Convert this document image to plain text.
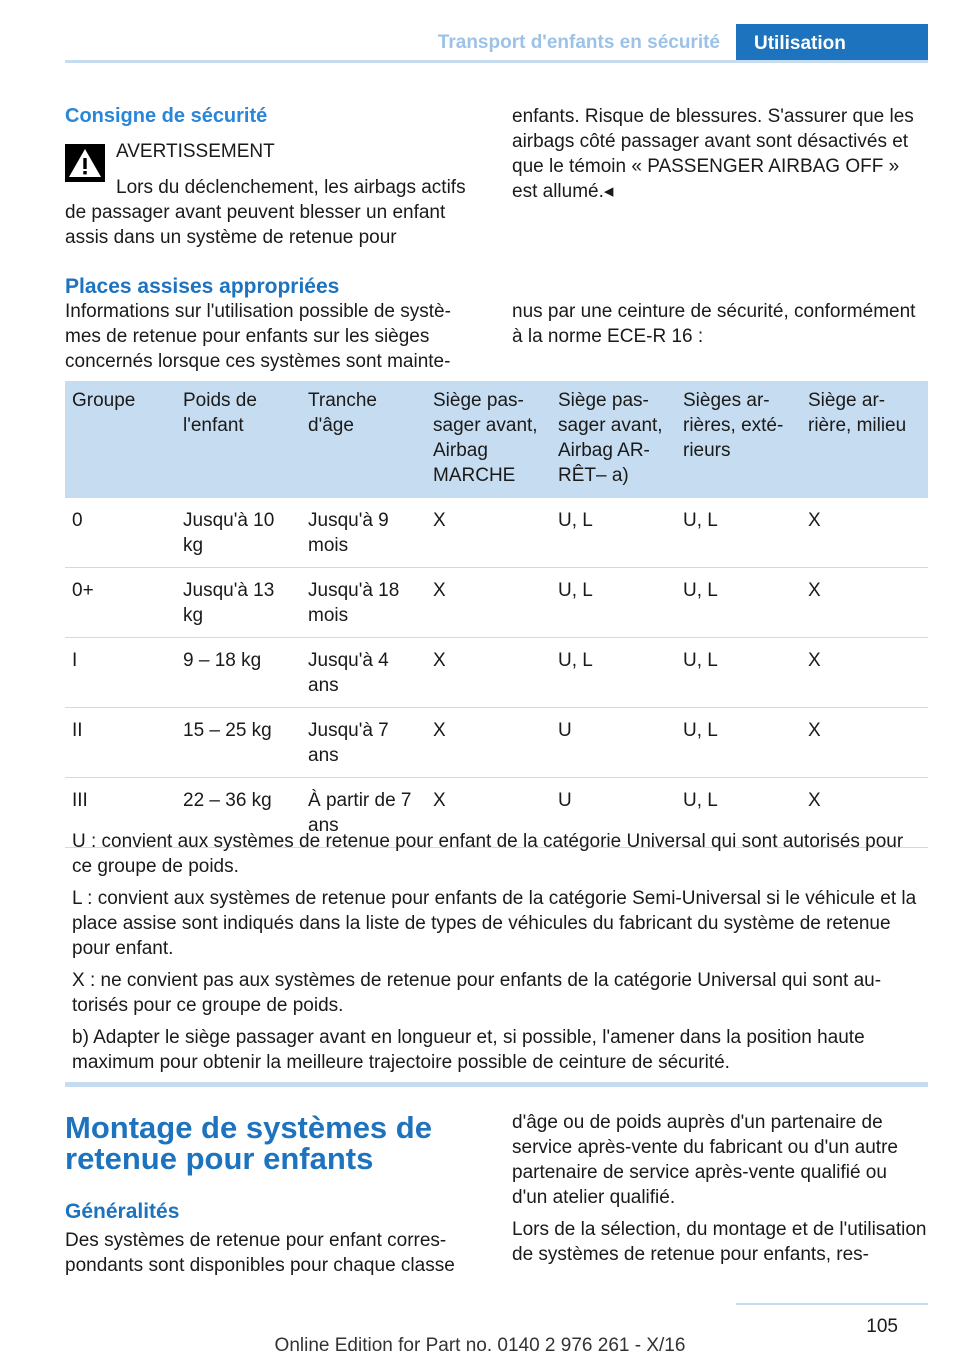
Transport d'enfants en sécurité	Utilisation
Consigne de sécurité
AVERTISSEMENT
Lors du déclenchement, les airbags actifs de passager avant peuvent blesser un enfant assis dans un système de retenue pour
enfants. Risque de blessures. S'assurer que les airbags côté passager avant sont désactivés et que le témoin « PASSENGER AIRBAG OFF » est allumé.◂
Places assises appropriées
Informations sur l'utilisation possible de systèmes de retenue pour enfants sur les sièges concernés lorsque ces systèmes sont mainte-
nus par une ceinture de sécurité, conformément à la norme ECE-R 16 :
Groupe	Poids de l'enfant	Tranche d'âge	Siège passager avant, Airbag MARCHE	Siège passager avant, Airbag ARRÊT– a)	Sièges arrières, extérieurs	Siège arrière, milieu
0	Jusqu'à 10 kg	Jusqu'à 9 mois	X	U, L	U, L	X
0+	Jusqu'à 13 kg	Jusqu'à 18 mois	X	U, L	U, L	X
I	9 – 18 kg	Jusqu'à 4 ans	X	U, L	U, L	X
II	15 – 25 kg	Jusqu'à 7 ans	X	U	U, L	X
III	22 – 36 kg	À partir de 7 ans	X	U	U, L	X

U : convient aux systèmes de retenue pour enfant de la catégorie Universal qui sont autorisés pour ce groupe de poids.

L : convient aux systèmes de retenue pour enfants de la catégorie Semi-Universal si le véhicule et la place assise sont indiqués dans la liste de types de véhicules du fabricant du système de retenue pour enfant.

X : ne convient pas aux systèmes de retenue pour enfants de la catégorie Universal qui sont autorisés pour ce groupe de poids.

b) Adapter le siège passager avant en longueur et, si possible, l'amener dans la position haute maximum pour obtenir la meilleure trajectoire possible de ceinture de sécurité.

Montage de systèmes de retenue pour enfants
Généralités

Des systèmes de retenue pour enfant correspondants sont disponibles pour chaque classe

d'âge ou de poids auprès d'un partenaire de service après-vente du fabricant ou d'un autre partenaire de service après-vente qualifié ou d'un atelier qualifié.

Lors de la sélection, du montage et de l'utilisation de systèmes de retenue pour enfants, res-

105
Online Edition for Part no. 0140 2 976 261 - X/16
